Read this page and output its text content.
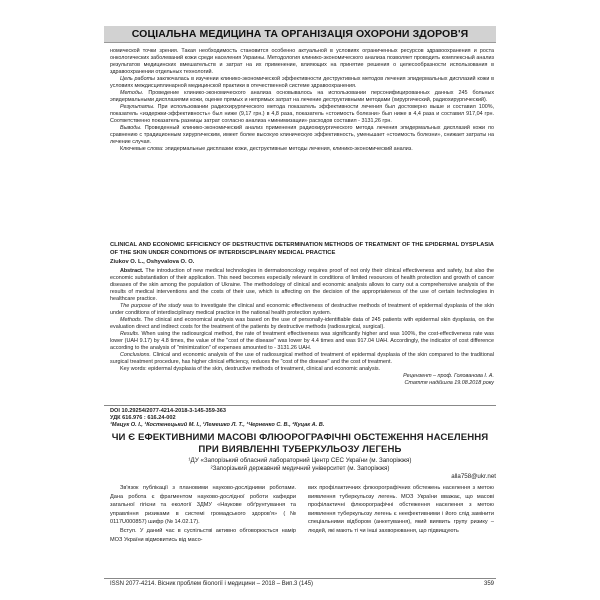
СОЦІАЛЬНА МЕДИЦИНА ТА ОРГАНІЗАЦІЯ ОХОРОНИ ЗДОРОВ'Я

номической точки зрения. Такая необходимость становится особенно актуальной в условиях ограниченных ресурсов здравоохранения и роста онкологических заболеваний кожи среди населения Украины. Методология клинико-экономического анализа позволяет проводить комплексный анализ результатов медицинских вмешательств и затрат на их применение, влияющих на принятие решения о целесообразности использования в здравоохранении отдельных технологий.

Цель работы заключалась в изучении клинико-экономической эффективности деструктивных методов лечения эпидермальных дисплазий кожи в условиях междисциплинарной медицинской практики в отечественной системе здравоохранения.

Методы. Проведение клинико-экономического анализа основывалось на использовании персонифицированных данных 245 больных эпидермальными дисплазиями кожи, оценке прямых и непрямых затрат на лечение деструктивными методами (хирургический, радиохирургический).

Результаты. При использовании радиохирургического метода показатель эффективности лечения был достоверно выше и составил 100%, показатель «издержки-эффективность» был ниже (9,17 грн.) в 4,8 раза, показатель «стоимость болезни» был ниже в 4,4 раза и составил 917,04 грн. Соответственно показатель разницы затрат согласно анализа «минимизации» расходов составил - 3131,26 грн.

Выводы. Проведенный клинико-экономический анализ применения радиохирургического метода лечения эпидермальных дисплазий кожи по сравнению с традиционным хирургическим, имеет более высокую клиническую эффективность, уменьшает «стоимость болезни», снижает затраты на лечение случая.

Ключевые слова: эпидермальные дисплазии кожи, деструктивные методы лечения, клинико-экономический анализ.

CLINICAL AND ECONOMIC EFFICIENCY OF DESTRUCTIVE DETERMINATION METHODS OF TREATMENT OF THE EPIDERMAL DYSPLASIA OF THE SKIN UNDER CONDITIONS OF INTERDISCIPLINARY MEDICAL PRACTICE
Ziukov O. L., Oshyvalova O. O.

Abstract. The introduction of new medical technologies in dermatooncology requires proof of not only their clinical effectiveness and safety, but also the economic substantiation of their application. This need becomes especially relevant in conditions of limited resources of health protection and growth of cancer diseases of the skin among the population of Ukraine. The methodology of clinical and economic analysis allows to carry out a comprehensive analysis of the results of medical interventions and the costs of their use, which is affecting on the decision of the appropriateness of the use of certain technologies in healthcare practice.

The purpose of the study was to investigate the clinical and economic effectiveness of destructive methods of treatment of epidermal dysplasia of the skin under conditions of interdisciplinary medical practice in the national health protection system.

Methods. The clinical and economical analysis was based on the use of personally-identifiable data of 245 patients with epidermal skin dysplasia, on the evaluation direct and indirect costs for the treatment of the patients by destructive methods (radiosurgical, surgical).

Results. When using the radiosurgical method, the rate of treatment effectiveness was significantly higher and was 100%, the cost-effectiveness rate was lower (UAH 9.17) by 4.8 times, the value of the "cost of the disease" was lower by 4.4 times and was 917.04 UAH. Accordingly, the indicator of cost difference according to the analysis of "minimization" of expenses amounted to - 3131.26 UAH.

Conclusions. Clinical and economic analysis of the use of radiosurgical method of treatment of epidermal dysplasia of the skin compared to the traditional surgical treatment procedure, has higher clinical efficiency, reduces the "cost of the disease" and the cost of treatment.

Key words: epidermal dysplasia of the skin, destructive methods of treatment, clinical and economic analysis.

Рецензент – проф. Голованова І. А.

Стаття надійшла 19.08.2018 року

DOI 10.29254/2077-4214-2018-3-145-359-363
УДК 616.976 : 616.24-002
¹Мацук О. І., ¹Костенецький М. І., ¹Лемешко Л. Т., ¹Черненко С. В., ²Куцак А. В.
ЧИ Є ЕФЕКТИВНИМИ МАСОВІ ФЛЮОРОГРАФІЧНІ ОБСТЕЖЕННЯ НАСЕЛЕННЯ ПРИ ВИЯВЛЕННІ ТУБЕРКУЛЬОЗУ ЛЕГЕНЬ
¹ДУ «Запорізький обласний лабораторний Центр СЕС України (м. Запоріжжя)
²Запорізький державний медичний університет (м. Запоріжжя)
alla758@ukr.net

Зв'язок публікації з плановими науково-дослідними роботами. Дана робота є фрагментом науково-дослідної роботи кафедри загальної гігієни та екології ЗДМУ «Наукове обґрунтування та управління ризиками в системі громадського здоров'я» (№ 0117U000857) шифр (№ 14.02.17).

Вступ. У даний час в суспільстві активно обговорюється намір МОЗ України відмовитись від масо-

вих профілактичних флюорографічних обстежень населення з метою виявлення туберкульозу легень. МОЗ України вважає, що масові профілактичні флюорографічні обстеження населення з метою виявлення туберкульозу легень є неефективними і його слід замінити спеціальними відбором (анкетування), який виявить групу ризику – людей, які мають ті чи інші захворювання, що підвищують

ISSN 2077-4214. Вісник проблем біології і медицини – 2018 – Вип.3 (145)	359
